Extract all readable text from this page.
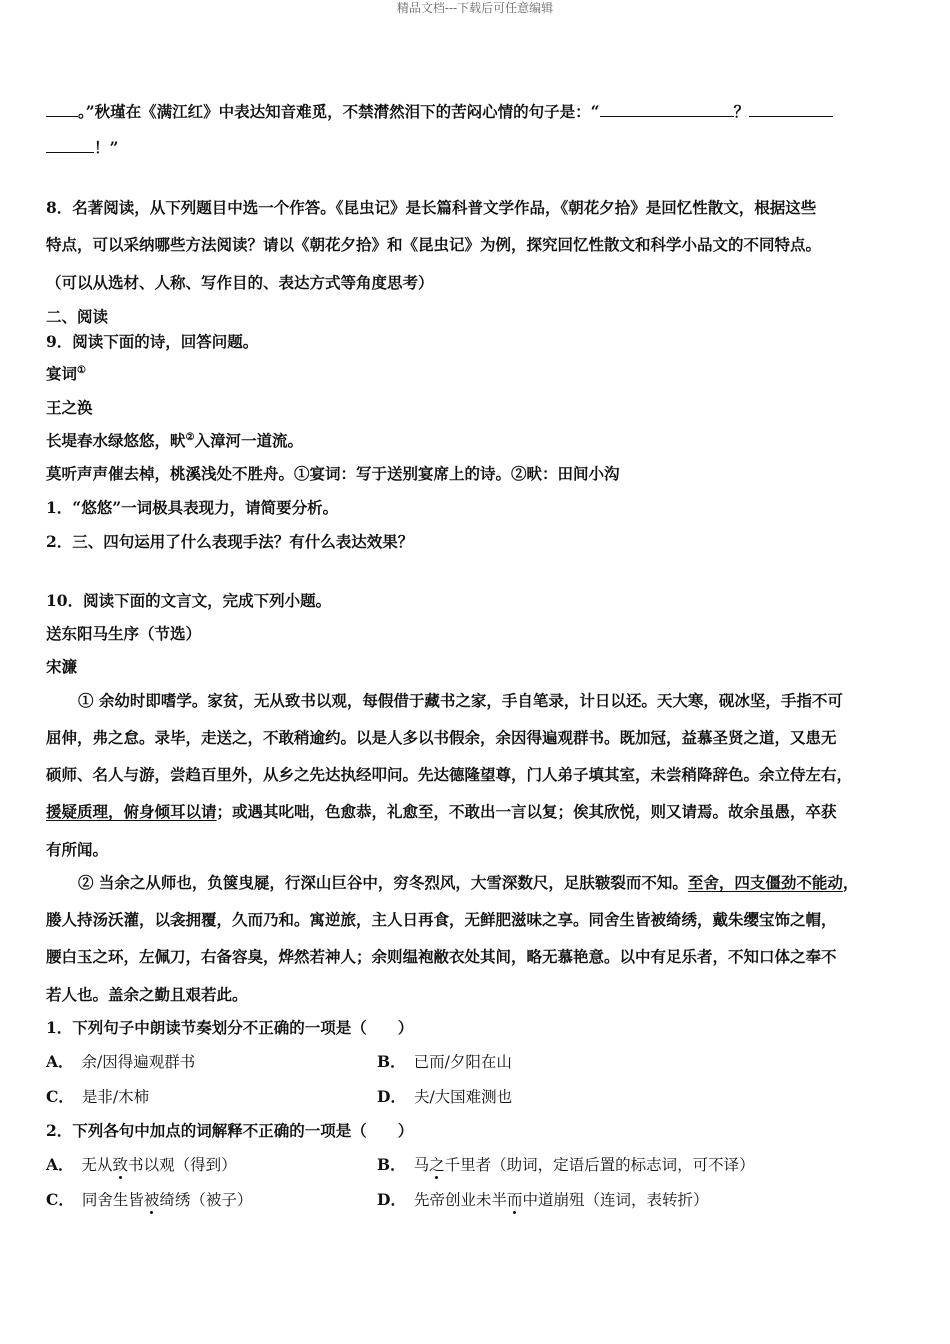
精品文档---下载后可任意编辑
。”秋瑾在《满江红》中表达知音难觅，不禁潸然泪下的苦闷心情的句子是：“	？
！”
8．名著阅读，从下列题目中选一个作答。《昆虫记》是长篇科普文学作品，《朝花夕拾》是回忆性散文，根据这些
特点，可以采纳哪些方法阅读？请以《朝花夕拾》和《昆虫记》为例，探究回忆性散文和科学小品文的不同特点。
（可以从选材、人称、写作目的、表达方式等角度思考）
二、阅读
9．阅读下面的诗，回答问题。
宴词①
王之涣
长堤春水绿悠悠，畎②入漳河一道流。
莫听声声催去棹，桃溪浅处不胜舟。①宴词：写于送别宴席上的诗。②畎：田间小沟
1．“悠悠”一词极具表现力，请简要分析。
2．三、四句运用了什么表现手法？有什么表达效果？
10．阅读下面的文言文，完成下列小题。
送东阳马生序（节选）
宋濂
① 余幼时即嗜学。家贫，无从致书以观，每假借于藏书之家，手自笔录，计日以还。天大寒，砚冰坚，手指不可
屈伸，弗之怠。录毕，走送之，不敢稍逾约。以是人多以书假余，余因得遍观群书。既加冠，益慕圣贤之道，又患无
硕师、名人与游，尝趋百里外，从乡之先达执经叩问。先达德隆望尊，门人弟子填其室，未尝稍降辞色。余立侍左右，
援疑质理，俯身倾耳以请；或遇其叱咄，色愈恭，礼愈至，不敢出一言以复；俟其欣悦，则又请焉。故余虽愚，卒获
有所闻。
② 当余之从师也，负箧曳屣，行深山巨谷中，穷冬烈风，大雪深数尺，足肤皲裂而不知。至舍，四支僵劲不能动，
媵人持汤沃灌，以衾拥覆，久而乃和。寓逆旅，主人日再食，无鲜肥滋味之享。同舍生皆被绮绣，戴朱缨宝饰之帽，
腰白玉之环，左佩刀，右备容臭，烨然若神人；余则缊袍敝衣处其间，略无慕艳意。以中有足乐者，不知口体之奉不
若人也。盖余之勤且艰若此。
1．下列句子中朗读节奏划分不正确的一项是（　　）
A． 余/因得遍观群书	B． 已而/夕阳在山
C． 是非/木柿	D． 夫/大国难测也
2．下列各句中加点的词解释不正确的一项是（　　）
A． 无从致书以观（得到）	B． 马之千里者（助词，定语后置的标志词，可不译）
C． 同舍生皆被绮绣（被子）	D． 先帝创业未半而中道崩殂（连词，表转折）
